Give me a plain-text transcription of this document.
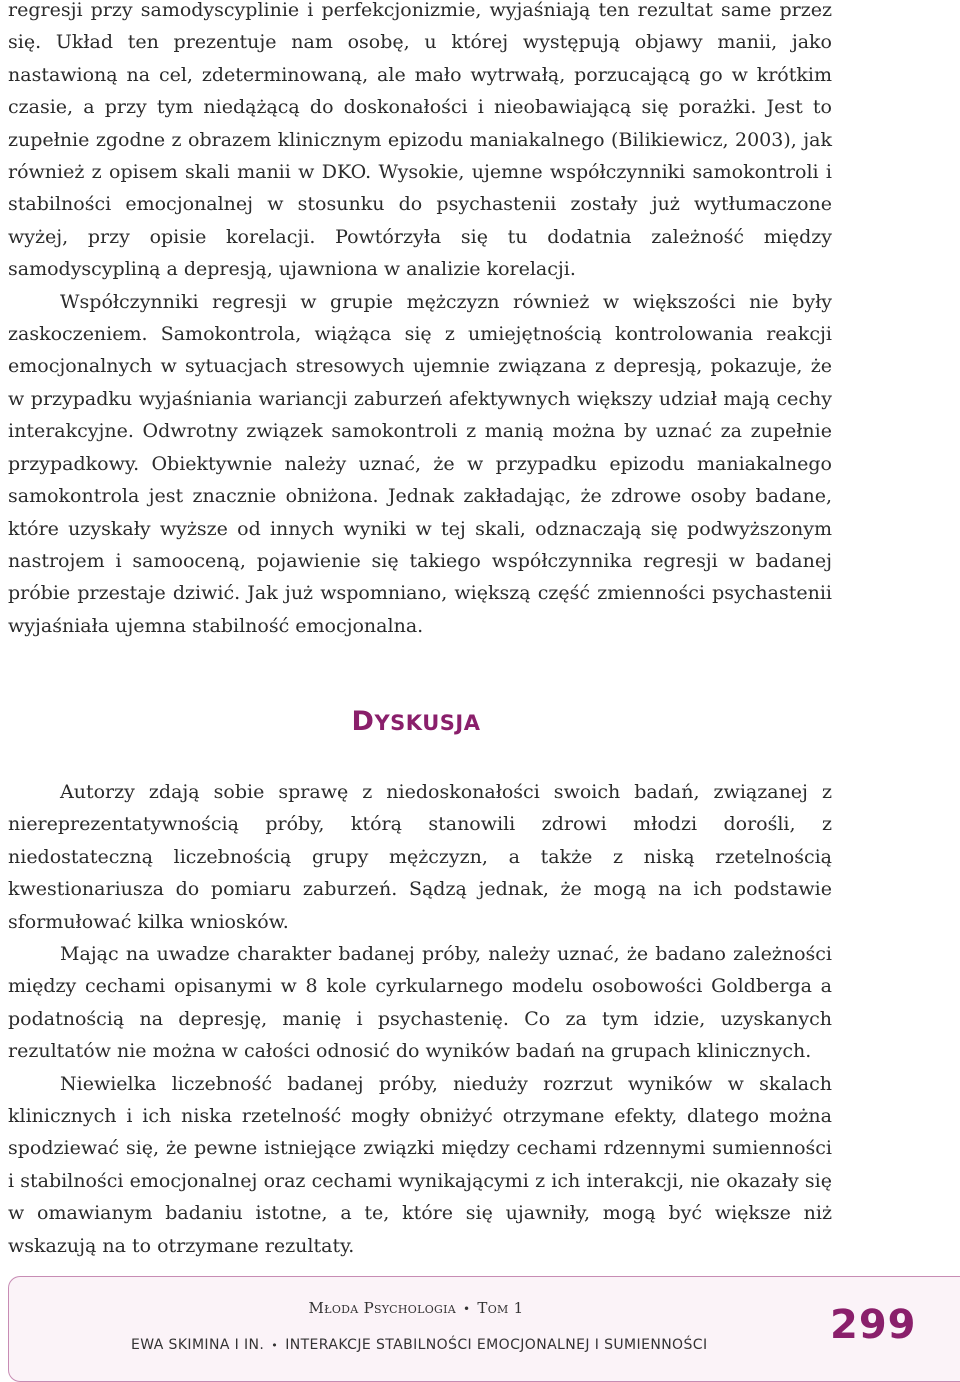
regresji przy samodyscyplinie i perfekcjonizmie, wyjaśniają ten rezultat same przez się. Układ ten prezentuje nam osobę, u której występują objawy manii, jako nastawioną na cel, zdeterminowaną, ale mało wytrwałą, porzucającą go w krótkim czasie, a przy tym niedążącą do doskonałości i nieobawiającą się porażki. Jest to zupełnie zgodne z obrazem klinicznym epizodu maniakalnego (Bilikiewicz, 2003), jak również z opisem skali manii w DKO. Wysokie, ujemne współczynniki samokontroli i stabilności emocjonalnej w stosunku do psychastenii zostały już wytłumaczone wyżej, przy opisie korelacji. Powtórzyła się tu dodatnia zależność między samodyscypliną a depresją, ujawniona w analizie korelacji.

Współczynniki regresji w grupie mężczyzn również w większości nie były zaskoczeniem. Samokontrola, wiążąca się z umiejętnością kontrolowania reakcji emocjonalnych w sytuacjach stresowych ujemnie związana z depresją, pokazuje, że w przypadku wyjaśniania wariancji zaburzeń afektywnych większy udział mają cechy interakcyjne. Odwrotny związek samokontroli z manią można by uznać za zupełnie przypadkowy. Obiektywnie należy uznać, że w przypadku epizodu maniakalnego samokontrola jest znacznie obniżona. Jednak zakładając, że zdrowe osoby badane, które uzyskały wyższe od innych wyniki w tej skali, odznaczają się podwyższonym nastrojem i samooceną, pojawienie się takiego współczynnika regresji w badanej próbie przestaje dziwić. Jak już wspomniano, większą część zmienności psychastenii wyjaśniała ujemna stabilność emocjonalna.

DYSKUSJA

Autorzy zdają sobie sprawę z niedoskonałości swoich badań, związanej z niereprezentatywnością próby, którą stanowili zdrowi młodzi dorośli, z niedostateczną liczebnością grupy mężczyzn, a także z niską rzetelnością kwestionariusza do pomiaru zaburzeń. Sądzą jednak, że mogą na ich podstawie sformułować kilka wniosków.

Mając na uwadze charakter badanej próby, należy uznać, że badano zależności między cechami opisanymi w 8 kole cyrkularnego modelu osobowości Goldberga a podatnością na depresję, manię i psychastenię. Co za tym idzie, uzyskanych rezultatów nie można w całości odnosić do wyników badań na grupach klinicznych.

Niewielka liczebność badanej próby, nieduży rozrzut wyników w skalach klinicznych i ich niska rzetelność mogły obniżyć otrzymane efekty, dlatego można spodziewać się, że pewne istniejące związki między cechami rdzennymi sumienności i stabilności emocjonalnej oraz cechami wynikającymi z ich interakcji, nie okazały się w omawianym badaniu istotne, a te, które się ujawniły, mogą być większe niż wskazują na to otrzymane rezultaty.

Młoda Psychologia • Tom 1
EWA SKIMINA I IN. • INTERAKCJE STABILNOŚCI EMOCJONALNEJ I SUMIENNOŚCI	299
